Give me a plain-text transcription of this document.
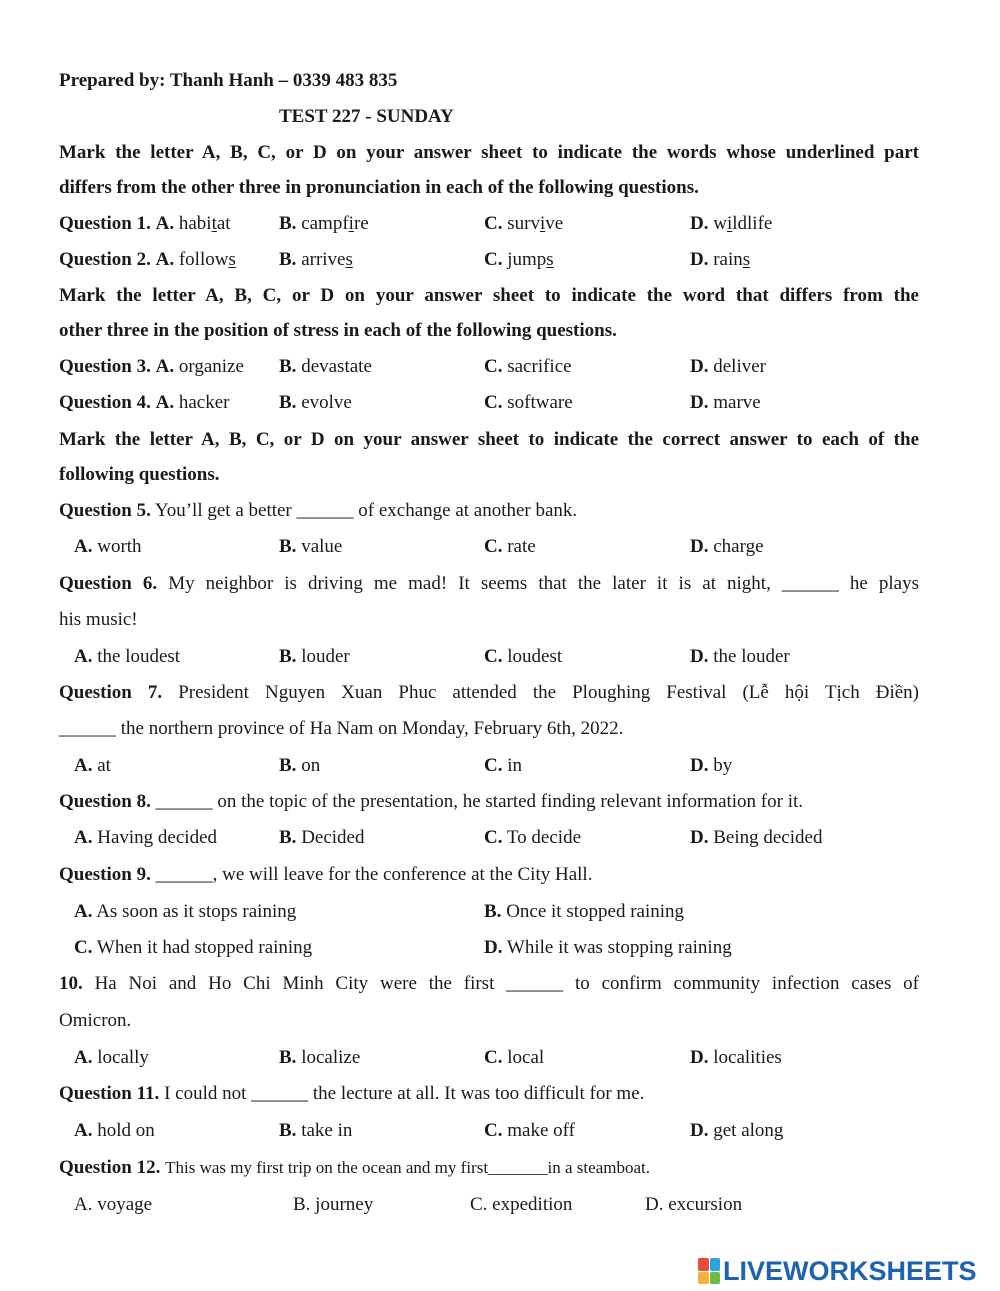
Prepared by: Thanh Hanh – 0339 483 835
TEST 227 - SUNDAY
Mark the letter A, B, C, or D on your answer sheet to indicate the words whose underlined part
differs from the other three in pronunciation in each of the following questions.
Question 1. A. habitat	B. campfire	C. survive	D. wildlife
Question 2. A. follows B. arrives	C. jumps	D. rains
Mark the letter A, B, C, or D on your answer sheet to indicate the word that differs from the
other three in the position of stress in each of the following questions.
Question 3. A. organize B. devastate	C. sacrifice	D. deliver
Question 4. A. hacker	B. evolve	C. software	D. marve
Mark the letter A, B, C, or D on your answer sheet to indicate the correct answer to each of the
following questions.
Question 5. You’ll get a better ______ of exchange at another bank.
A. worth	B. value	C. rate	D. charge
Question 6. My neighbor is driving me mad! It seems that the later it is at night, ______ he plays
his music!
A. the loudest	B. louder	C. loudest	D. the louder
Question 7. President Nguyen Xuan Phuc attended the Ploughing Festival (Lễ hội Tịch Điền)
______ the northern province of Ha Nam on Monday, February 6th, 2022.
A. at	B. on	C. in	D. by
Question 8. ______ on the topic of the presentation, he started finding relevant information for it.
A. Having decided	B. Decided	C. To decide	D. Being decided
Question 9. ______, we will leave for the conference at the City Hall.
A. As soon as it stops raining	B. Once it stopped raining
C. When it had stopped raining	D. While it was stopping raining
10. Ha Noi and Ho Chi Minh City were the first ______ to confirm community infection cases of
Omicron.
A. locally	B. localize	C. local	D. localities
Question 11. I could not ______ the lecture at all. It was too difficult for me.
A. hold on	B. take in	C. make off	D. get along
Question 12. This was my first trip on the ocean and my first_______in a steamboat.
A. voyage	B. journey	C. expedition	D. excursion
LIVEWORKSHEETS
